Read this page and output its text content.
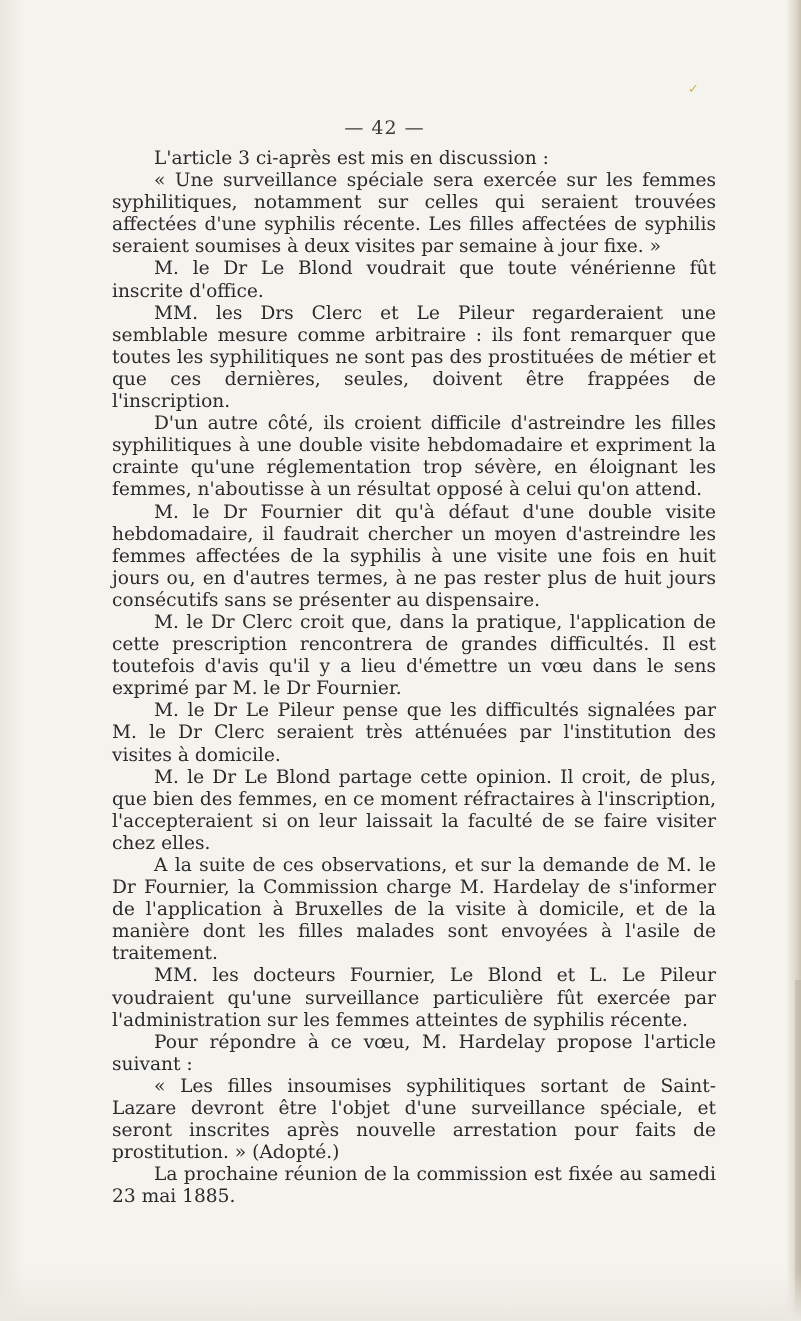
✓
— 42 —

L'article 3 ci-après est mis en discussion :

« Une surveillance spéciale sera exercée sur les femmes syphilitiques, notamment sur celles qui seraient trouvées affectées d'une syphilis récente. Les filles affectées de syphilis seraient soumises à deux visites par semaine à jour fixe. »

M. le Dr Le Blond voudrait que toute vénérienne fût inscrite d'office.

MM. les Drs Clerc et Le Pileur regarderaient une semblable mesure comme arbitraire : ils font remarquer que toutes les syphilitiques ne sont pas des prostituées de métier et que ces dernières, seules, doivent être frappées de l'inscription.

D'un autre côté, ils croient difficile d'astreindre les filles syphilitiques à une double visite hebdomadaire et expriment la crainte qu'une réglementation trop sévère, en éloignant les femmes, n'aboutisse à un résultat opposé à celui qu'on attend.

M. le Dr Fournier dit qu'à défaut d'une double visite hebdomadaire, il faudrait chercher un moyen d'astreindre les femmes affectées de la syphilis à une visite une fois en huit jours ou, en d'autres termes, à ne pas rester plus de huit jours consécutifs sans se présenter au dispensaire.

M. le Dr Clerc croit que, dans la pratique, l'application de cette prescription rencontrera de grandes difficultés. Il est toutefois d'avis qu'il y a lieu d'émettre un vœu dans le sens exprimé par M. le Dr Fournier.

M. le Dr Le Pileur pense que les difficultés signalées par M. le Dr Clerc seraient très atténuées par l'institution des visites à domicile.

M. le Dr Le Blond partage cette opinion. Il croit, de plus, que bien des femmes, en ce moment réfractaires à l'inscription, l'accepteraient si on leur laissait la faculté de se faire visiter chez elles.

A la suite de ces observations, et sur la demande de M. le Dr Fournier, la Commission charge M. Hardelay de s'informer de l'application à Bruxelles de la visite à domicile, et de la manière dont les filles malades sont envoyées à l'asile de traitement.

MM. les docteurs Fournier, Le Blond et L. Le Pileur voudraient qu'une surveillance particulière fût exercée par l'administration sur les femmes atteintes de syphilis récente.

Pour répondre à ce vœu, M. Hardelay propose l'article suivant :

« Les filles insoumises syphilitiques sortant de Saint-Lazare devront être l'objet d'une surveillance spéciale, et seront inscrites après nouvelle arrestation pour faits de prostitution. » (Adopté.)

La prochaine réunion de la commission est fixée au samedi 23 mai 1885.
